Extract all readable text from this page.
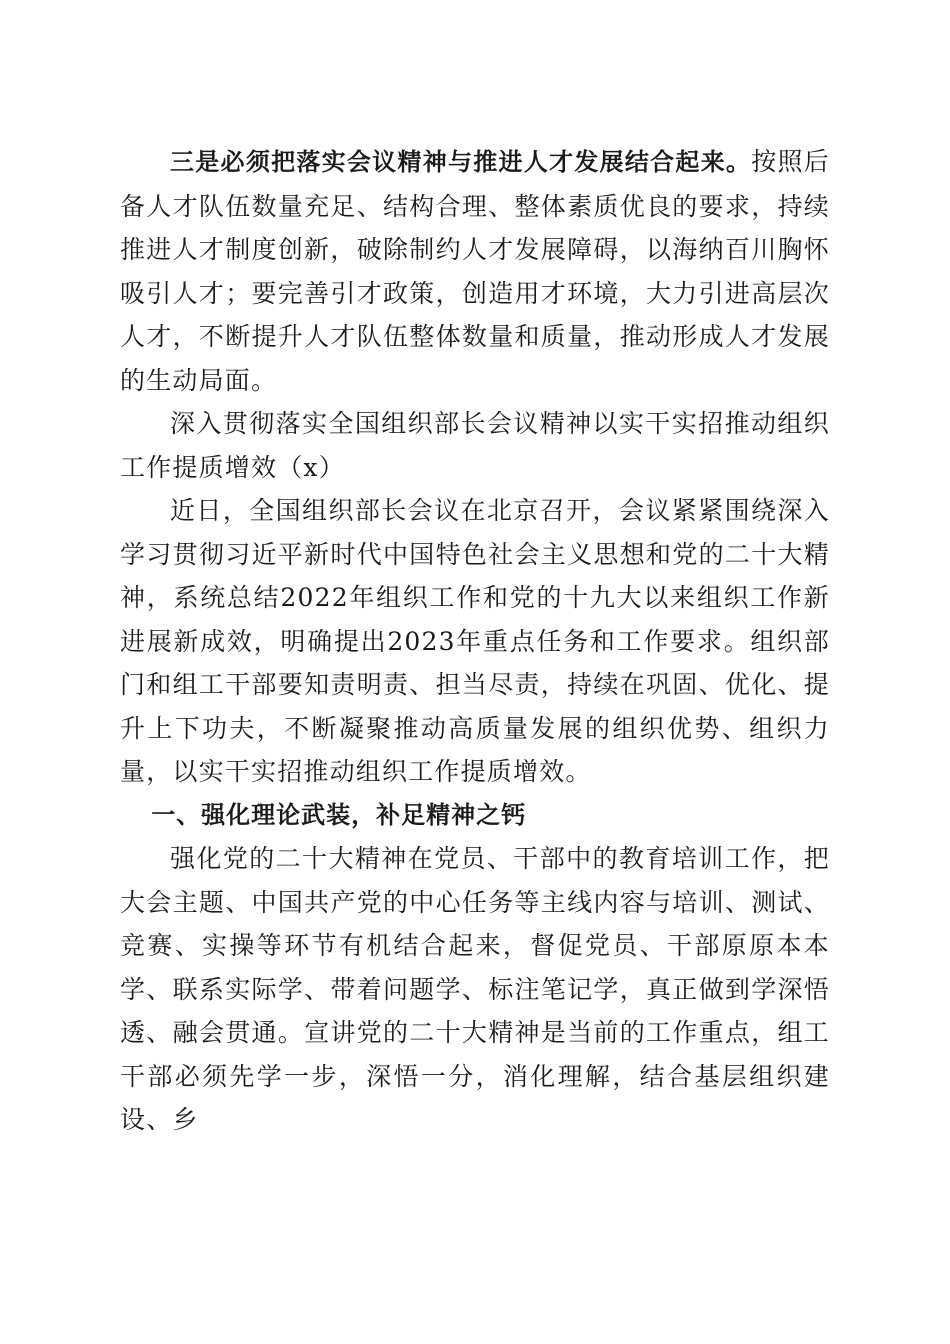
三是必须把落实会议精神与推进人才发展结合起来。按照后备人才队伍数量充足、结构合理、整体素质优良的要求，持续推进人才制度创新，破除制约人才发展障碍，以海纳百川胸怀吸引人才；要完善引才政策，创造用才环境，大力引进高层次人才，不断提升人才队伍整体数量和质量，推动形成人才发展的生动局面。

深入贯彻落实全国组织部长会议精神以实干实招推动组织工作提质增效（x）

近日，全国组织部长会议在北京召开，会议紧紧围绕深入学习贯彻习近平新时代中国特色社会主义思想和党的二十大精神，系统总结2022年组织工作和党的十九大以来组织工作新进展新成效，明确提出2023年重点任务和工作要求。组织部门和组工干部要知责明责、担当尽责，持续在巩固、优化、提升上下功夫，不断凝聚推动高质量发展的组织优势、组织力量，以实干实招推动组织工作提质增效。

一、强化理论武装，补足精神之钙

强化党的二十大精神在党员、干部中的教育培训工作，把大会主题、中国共产党的中心任务等主线内容与培训、测试、竞赛、实操等环节有机结合起来，督促党员、干部原原本本学、联系实际学、带着问题学、标注笔记学，真正做到学深悟透、融会贯通。宣讲党的二十大精神是当前的工作重点，组工干部必须先学一步，深悟一分，消化理解，结合基层组织建设、乡
